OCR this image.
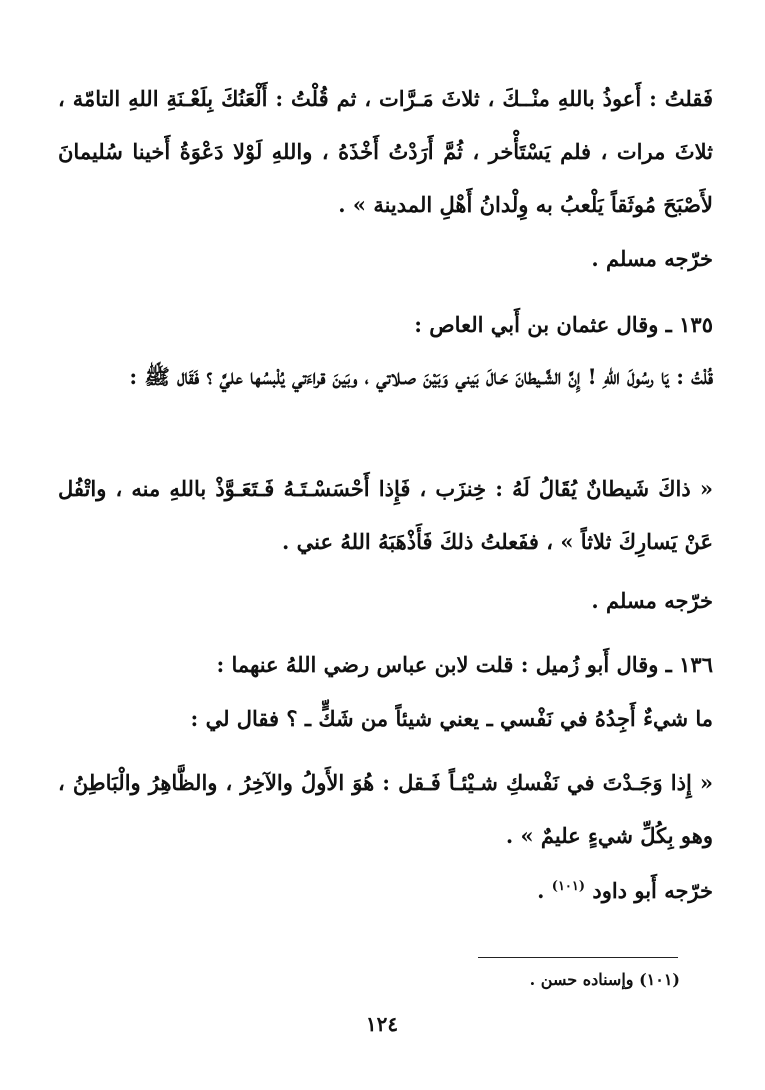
فَقلتُ : أَعوذُ باللهِ منْــكَ ، ثلاثَ مَـرَّات ، ثم قُلْتُ : أَلْعَنُكَ بِلَعْـنَةِ اللهِ التامّة ، ثلاثَ مرات ، فلم يَسْتَأْخر ، ثُمَّ أَرَدْتُ أَخْذَهُ ، واللهِ لَوْلا دَعْوَةُ أَخينا سُليمانَ لأَصْبَحَ مُوثَقاً يَلْعبُ به وِلْدانُ أَهْلِ المدينة » .

خرّجه مسلم .

١٣٥ ـ وقال عثمان بن أَبي العاص :

قُلْتُ : يَا رسُولَ اللهِ ! إِنَّ الشَّـيطانَ حَـالَ بَيني وَبَيْنَ صـلاتي ، وبَينَ قراءَتي يُلْبسُها عليَّ ؟ فَقَال ﷺ :

« ذاكَ شَيطانٌ يُقَالُ لَهُ : خِنزَب ، فَإِذا أَحْسَسْـتَـهُ فَـتَعَـوَّذْ باللهِ منه ، واتْفُل عَنْ يَسارِكَ ثلاثاً » ، ففَعلتُ ذلكَ فَأَذْهَبَهُ اللهُ عني .

خرّجه مسلم .

١٣٦ ـ وقال أَبو زُميل : قلت لابن عباس رضي اللهُ عنهما :

ما شيءٌ أَجِدُهُ في نَفْسي ـ يعني شيئاً من شَكٍّ ـ ؟ فقال لي :

« إِذا وَجَـدْتَ في نَفْسكِ شـيْئـاً فَـقل : هُوَ الأَولُ والآخِرُ ، والظَّاهِرُ والْبَاطِنُ ، وهو بِكُلِّ شيءٍ عليمٌ » .

خرّجه أَبو داود $^{(١٠١)}$ .

(١٠١) وإسناده حسن .
١٢٤
